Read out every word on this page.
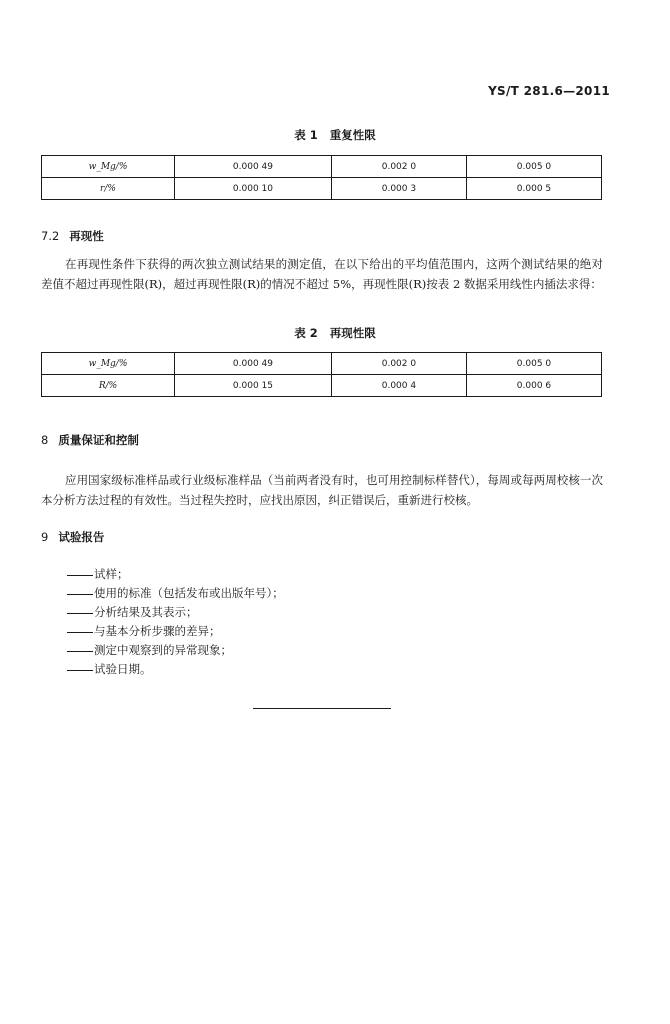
YS/T 281.6—2011
表 1 重复性限
w_Mg/%	0.000 49	0.002 0	0.005 0
r/%	0.000 10	0.000 3	0.000 5
7.2 再现性
在再现性条件下获得的两次独立测试结果的测定值，在以下给出的平均值范围内，这两个测试结果的绝对差值不超过再现性限(R)，超过再现性限(R)的情况不超过 5%，再现性限(R)按表 2 数据采用线性内插法求得：
表 2 再现性限
w_Mg/%	0.000 49	0.002 0	0.005 0
R/%	0.000 15	0.000 4	0.000 6
8 质量保证和控制
应用国家级标准样品或行业级标准样品（当前两者没有时，也可用控制标样替代），每周或每两周校核一次本分析方法过程的有效性。当过程失控时，应找出原因，纠正错误后，重新进行校核。
9 试验报告
试样；
使用的标准（包括发布或出版年号）；
分析结果及其表示；
与基本分析步骤的差异；
测定中观察到的异常现象；
试验日期。
